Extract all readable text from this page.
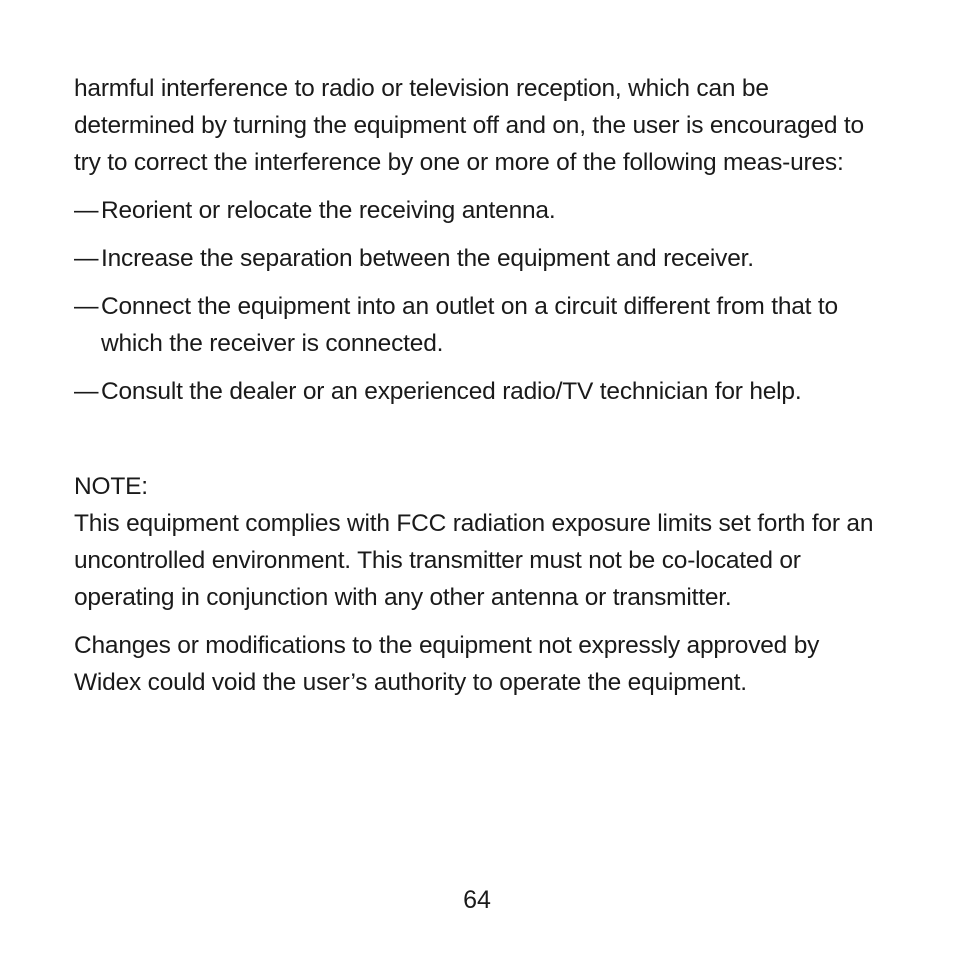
harmful interference to radio or television reception, which can be determined by turning the equipment off and on, the user is encouraged to try to correct the interference by one or more of the following meas-ures:

— Reorient or relocate the receiving antenna.
— Increase the separation between the equipment and receiver.
— Connect the equipment into an outlet on a circuit different from that to which the receiver is connected.
— Consult the dealer or an experienced radio/TV technician for help.

NOTE:

This equipment complies with FCC radiation exposure limits set forth for an uncontrolled environment. This transmitter must not be co-located or operating in conjunction with any other antenna or transmitter.

Changes or modifications to the equipment not expressly approved by Widex could void the user’s authority to operate the equipment.

64
